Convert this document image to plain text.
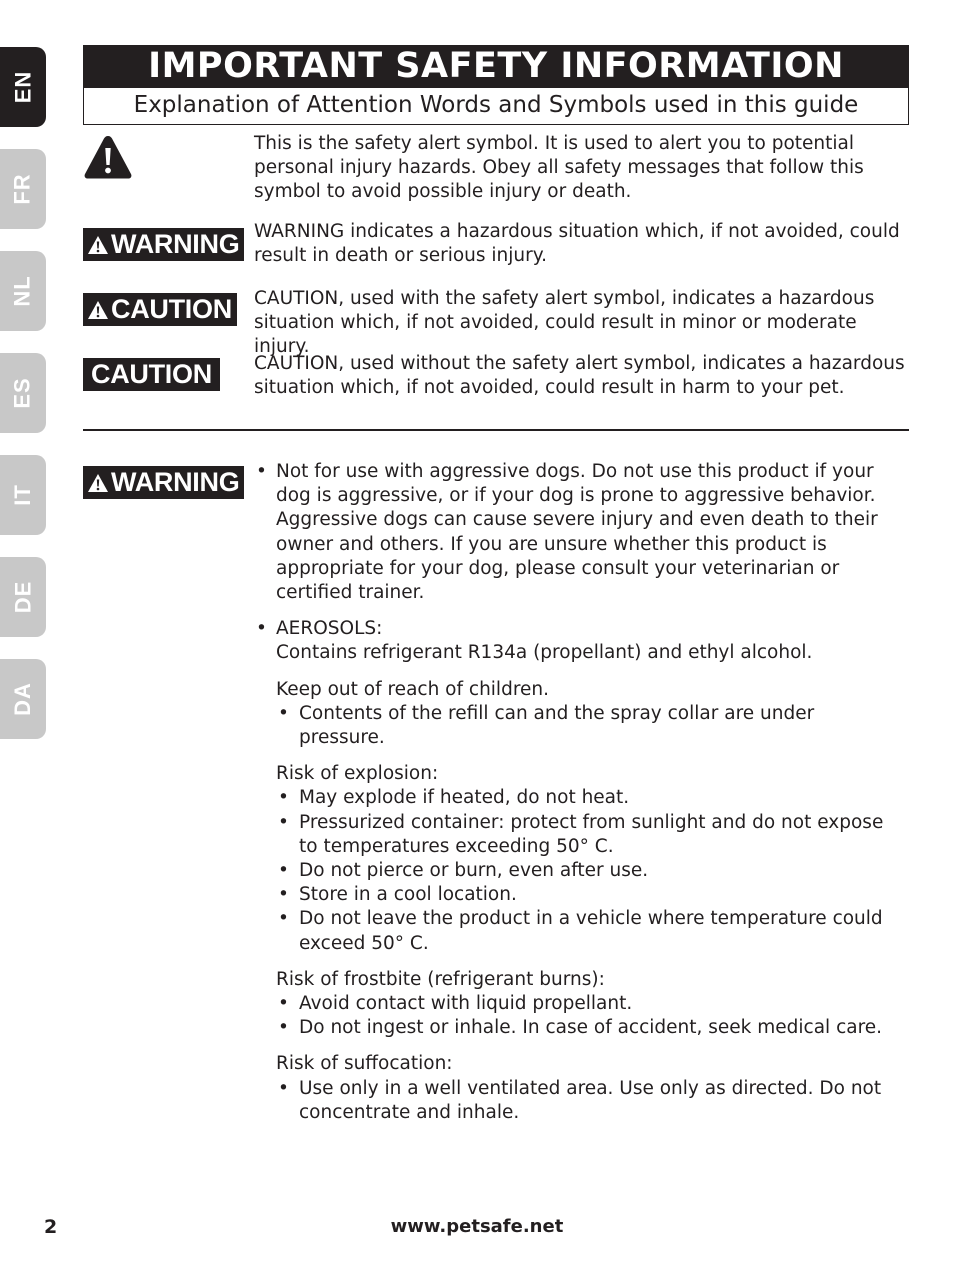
EN
FR
NL
ES
IT
DE
DA
IMPORTANT SAFETY INFORMATION
Explanation of Attention Words and Symbols used in this guide
This is the safety alert symbol. It is used to alert you to potential personal injury hazards. Obey all safety messages that follow this symbol to avoid possible injury or death.
WARNING WARNING indicates a hazardous situation which, if not avoided, could result in death or serious injury.
CAUTION CAUTION, used with the safety alert symbol, indicates a hazardous situation which, if not avoided, could result in minor or moderate injury.
CAUTION CAUTION, used without the safety alert symbol, indicates a hazardous situation which, if not avoided, could result in harm to your pet.
WARNING
•	Not for use with aggressive dogs. Do not use this product if your dog is aggressive, or if your dog is prone to aggressive behavior. Aggressive dogs can cause severe injury and even death to their owner and others. If you are unsure whether this product is appropriate for your dog, please consult your veterinarian or certified trainer.
• AEROSOLS:
Contains refrigerant R134a (propellant) and ethyl alcohol.
Keep out of reach of children.
• Contents of the refill can and the spray collar are under pressure.
Risk of explosion:
• May explode if heated, do not heat.
• Pressurized container: protect from sunlight and do not expose to temperatures exceeding 50° C.
• Do not pierce or burn, even after use.
• Store in a cool location.
• Do not leave the product in a vehicle where temperature could exceed 50° C.
Risk of frostbite (refrigerant burns):
• Avoid contact with liquid propellant.
• Do not ingest or inhale. In case of accident, seek medical care.
Risk of suffocation:
• Use only in a well ventilated area. Use only as directed. Do not concentrate and inhale.
2	www.petsafe.net
